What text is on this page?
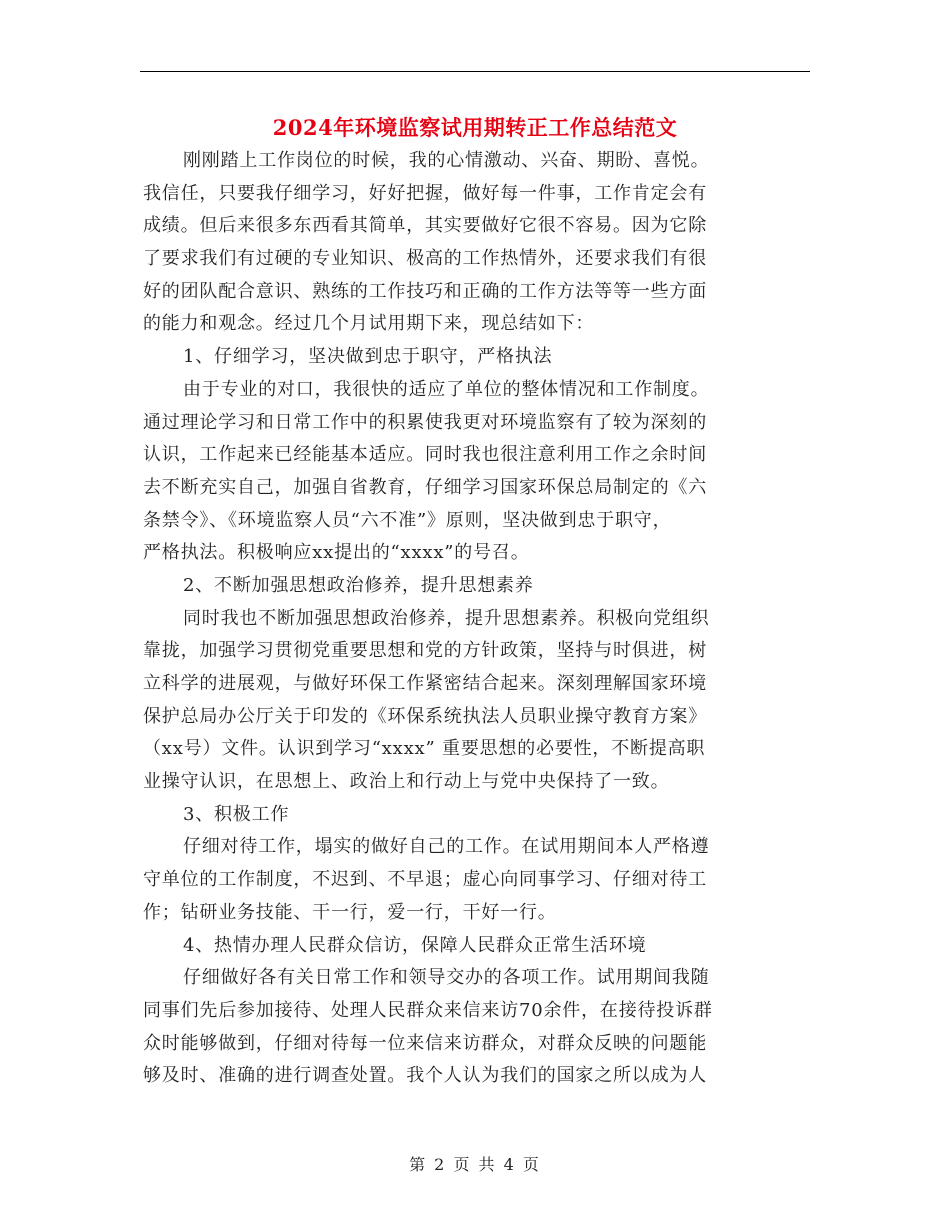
2024年环境监察试用期转正工作总结范文
刚刚踏上工作岗位的时候，我的心情激动、兴奋、期盼、喜悦。
我信任，只要我仔细学习，好好把握，做好每一件事，工作肯定会有
成绩。但后来很多东西看其简单，其实要做好它很不容易。因为它除
了要求我们有过硬的专业知识、极高的工作热情外，还要求我们有很
好的团队配合意识、熟练的工作技巧和正确的工作方法等等一些方面
的能力和观念。经过几个月试用期下来，现总结如下：
1、仔细学习，坚决做到忠于职守，严格执法
由于专业的对口，我很快的适应了单位的整体情况和工作制度。
通过理论学习和日常工作中的积累使我更对环境监察有了较为深刻的
认识，工作起来已经能基本适应。同时我也很注意利用工作之余时间
去不断充实自己，加强自省教育，仔细学习国家环保总局制定的《六
条禁令》、《环境监察人员“六不准”》原则，坚决做到忠于职守，
严格执法。积极响应xx提出的“xxxx”的号召。
2、不断加强思想政治修养，提升思想素养
同时我也不断加强思想政治修养，提升思想素养。积极向党组织
靠拢，加强学习贯彻党重要思想和党的方针政策，坚持与时俱进，树
立科学的进展观，与做好环保工作紧密结合起来。深刻理解国家环境
保护总局办公厅关于印发的《环保系统执法人员职业操守教育方案》
（xx号）文件。认识到学习“xxxx” 重要思想的必要性，不断提高职
业操守认识，在思想上、政治上和行动上与党中央保持了一致。
3、积极工作
仔细对待工作，塌实的做好自己的工作。在试用期间本人严格遵
守单位的工作制度，不迟到、不早退；虚心向同事学习、仔细对待工
作；钻研业务技能、干一行，爱一行，干好一行。
4、热情办理人民群众信访，保障人民群众正常生活环境
仔细做好各有关日常工作和领导交办的各项工作。试用期间我随
同事们先后参加接待、处理人民群众来信来访70余件，在接待投诉群
众时能够做到，仔细对待每一位来信来访群众，对群众反映的问题能
够及时、准确的进行调查处置。我个人认为我们的国家之所以成为人
第 2 页 共 4 页
